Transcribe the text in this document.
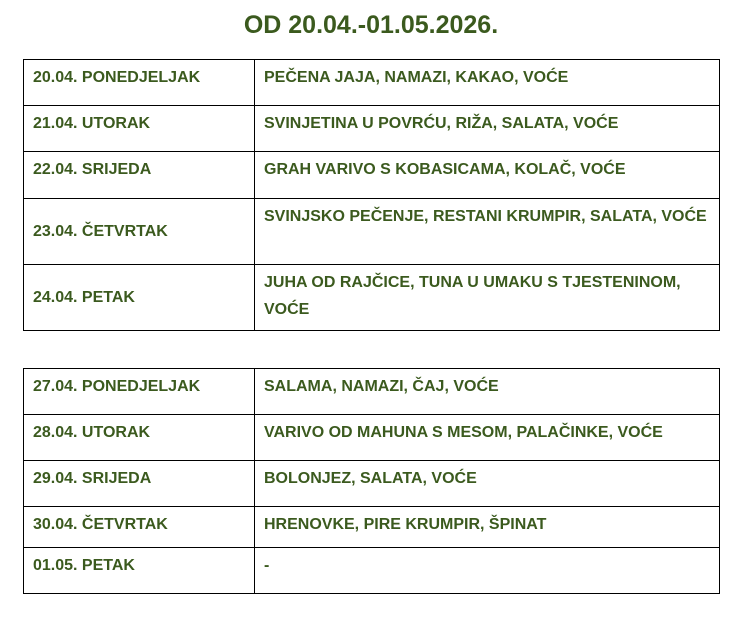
OD 20.04.-01.05.2026.
20.04. PONEDJELJAK	PEČENA JAJA, NAMAZI, KAKAO, VOĆE
21.04. UTORAK	SVINJETINA U POVRĆU, RIŽA, SALATA, VOĆE
22.04. SRIJEDA	GRAH VARIVO S KOBASICAMA, KOLAČ, VOĆE
23.04. ČETVRTAK	SVINJSKO PEČENJE, RESTANI KRUMPIR, SALATA, VOĆE
24.04. PETAK	JUHA OD RAJČICE, TUNA U UMAKU S TJESTENINOM, VOĆE
27.04. PONEDJELJAK	SALAMA, NAMAZI, ČAJ, VOĆE
28.04. UTORAK	VARIVO OD MAHUNA S MESOM, PALAČINKE, VOĆE
29.04. SRIJEDA	BOLONJEZ, SALATA, VOĆE
30.04. ČETVRTAK	HRENOVKE, PIRE KRUMPIR, ŠPINAT
01.05. PETAK	-
